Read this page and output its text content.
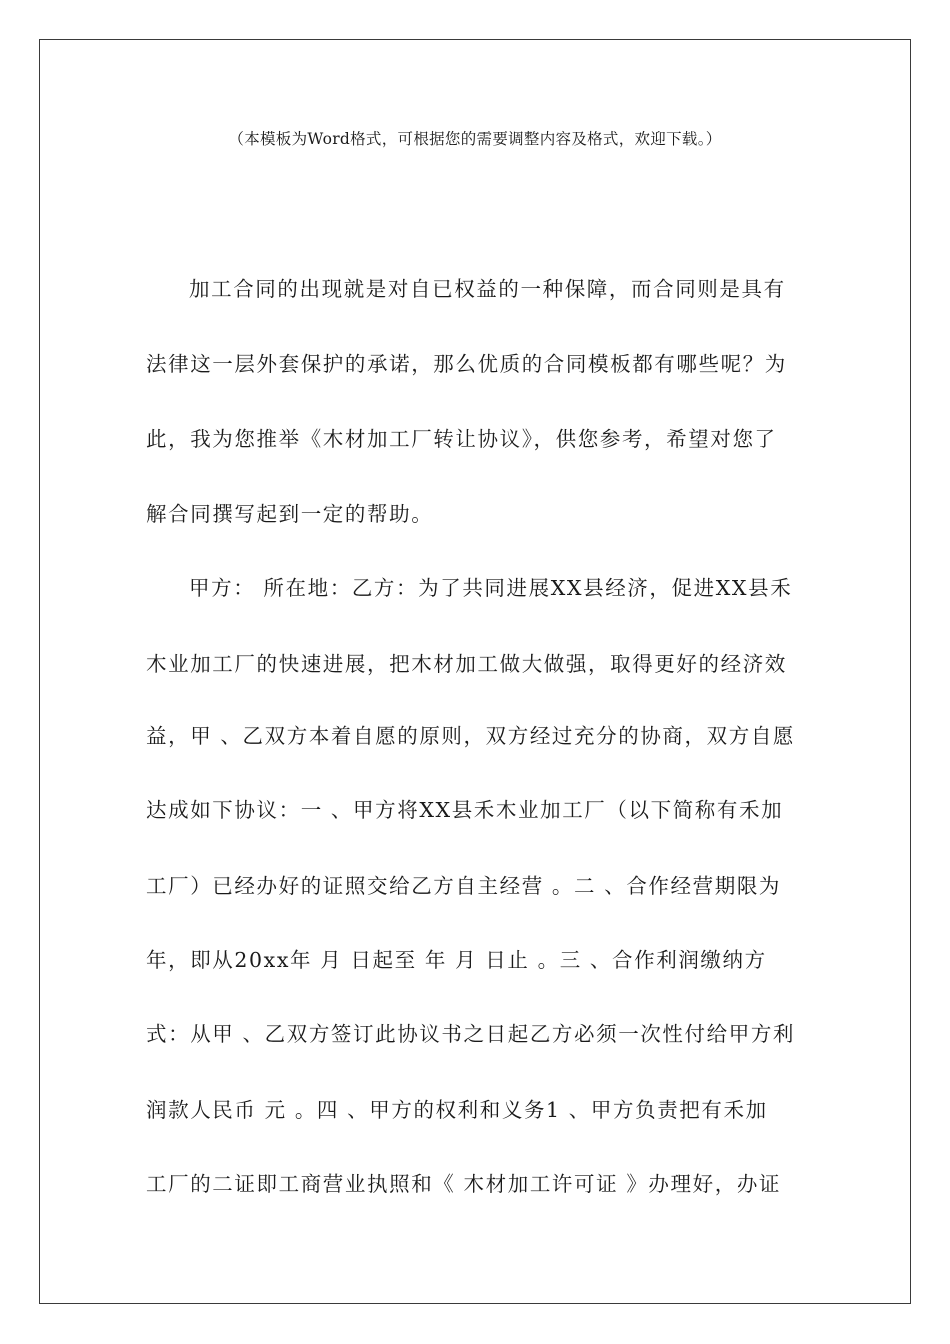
（本模板为Word格式，可根据您的需要调整内容及格式，欢迎下载。）
加工合同的出现就是对自已权益的一种保障，而合同则是具有
法律这一层外套保护的承诺，那么优质的合同模板都有哪些呢？为
此，我为您推举《木材加工厂转让协议》，供您参考，希望对您了
解合同撰写起到一定的帮助。
甲方： 所在地：乙方：为了共同进展XX县经济，促进XX县禾
木业加工厂的快速进展，把木材加工做大做强，取得更好的经济效
益，甲 、乙双方本着自愿的原则，双方经过充分的协商，双方自愿
达成如下协议：一 、甲方将XX县禾木业加工厂（以下简称有禾加
工厂）已经办好的证照交给乙方自主经营 。二 、合作经营期限为
年，即从20xx年 月 日起至 年 月 日止 。三 、合作利润缴纳方
式：从甲 、乙双方签订此协议书之日起乙方必须一次性付给甲方利
润款人民币 元 。四 、甲方的权利和义务1 、甲方负责把有禾加
工厂的二证即工商营业执照和《 木材加工许可证 》办理好，办证
